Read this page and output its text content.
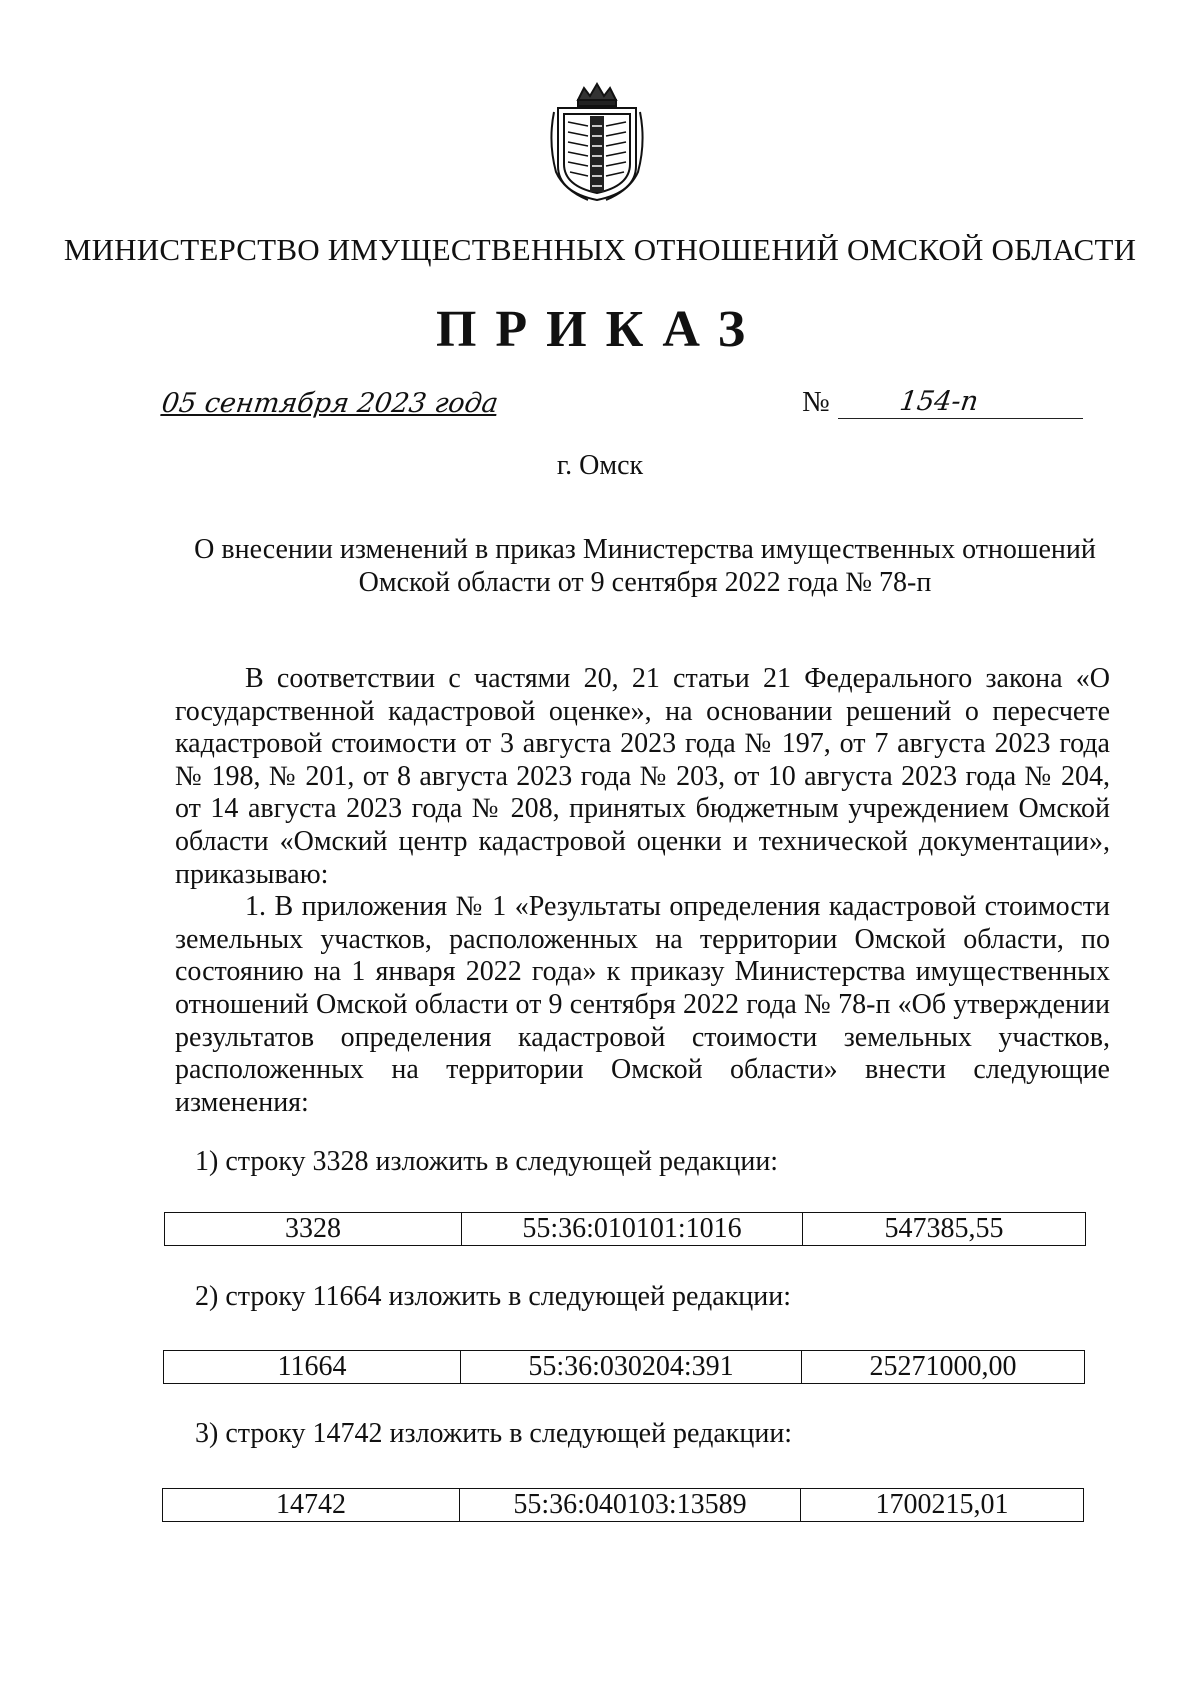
МИНИСТЕРСТВО ИМУЩЕСТВЕННЫХ ОТНОШЕНИЙ ОМСКОЙ ОБЛАСТИ
ПРИКАЗ
05 сентября 2023 года	№	154-п
г. Омск
О внесении изменений в приказ Министерства имущественных отношений
Омской области от 9 сентября 2022 года № 78-п

В соответствии с частями 20, 21 статьи 21 Федерального закона «О государственной кадастровой оценке», на основании решений о пересчете кадастровой стоимости от 3 августа 2023 года № 197, от 7 августа 2023 года № 198, № 201, от 8 августа 2023 года № 203, от 10 августа 2023 года № 204, от 14 августа 2023 года № 208, принятых бюджетным учреждением Омской области «Омский центр кадастровой оценки и технической документации», приказываю:

1. В приложения № 1 «Результаты определения кадастровой стоимости земельных участков, расположенных на территории Омской области, по состоянию на 1 января 2022 года» к приказу Министерства имущественных отношений Омской области от 9 сентября 2022 года № 78-п «Об утверждении результатов определения кадастровой стоимости земельных участков, расположенных на территории Омской области» внести следующие изменения:

1) строку 3328 изложить в следующей редакции:
3328	55:36:010101:1016	547385,55
2) строку 11664 изложить в следующей редакции:
11664	55:36:030204:391	25271000,00
3) строку 14742 изложить в следующей редакции:
14742	55:36:040103:13589	1700215,01
